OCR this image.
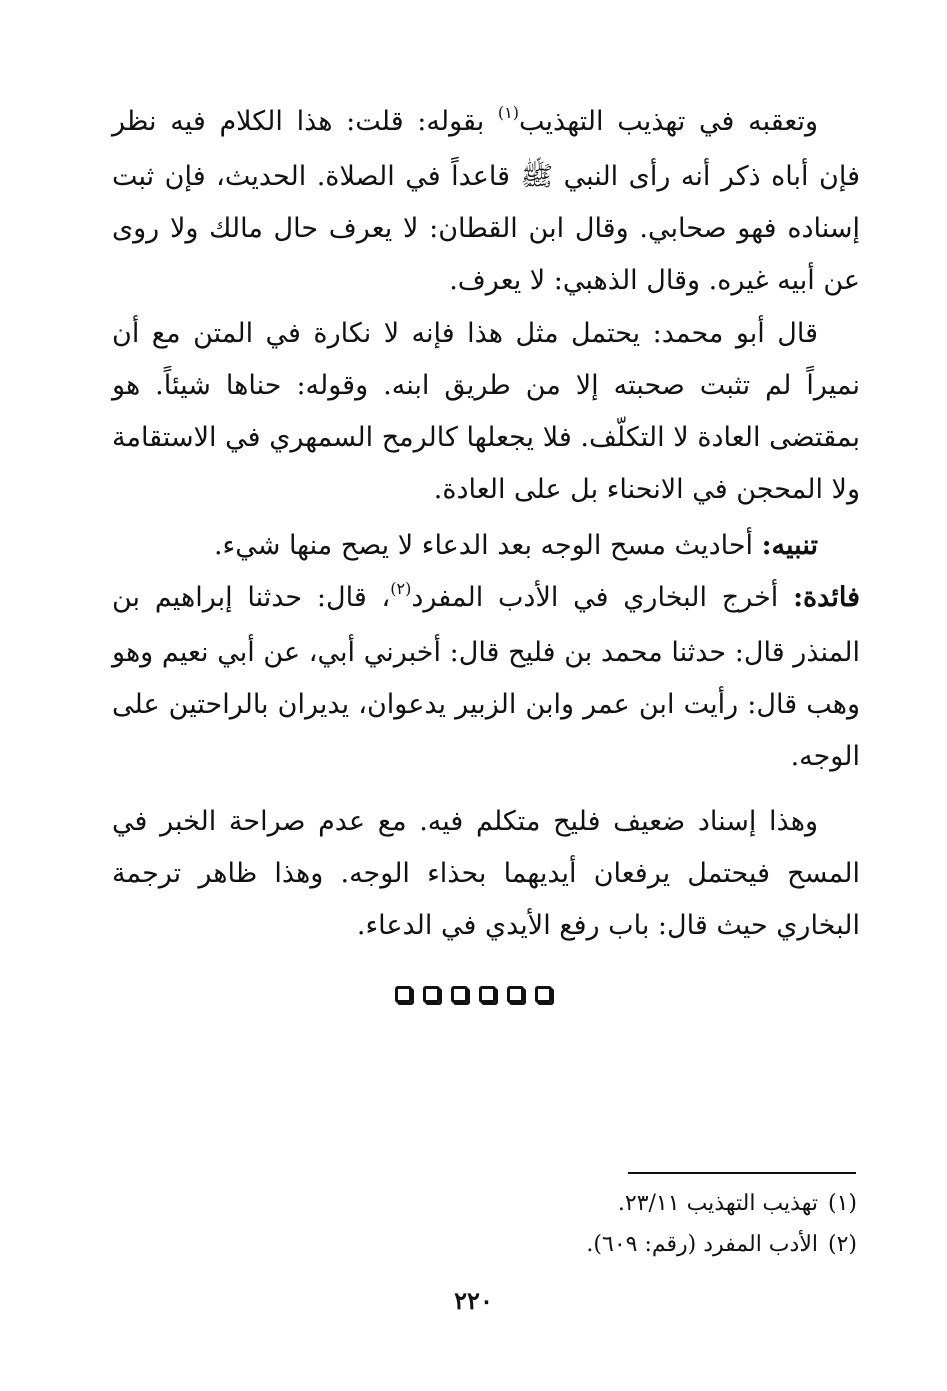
وتعقبه في تهذيب التهذيب$^{(١)}$ بقوله: قلت: هذا الكلام فيه نظر فإن أباه ذكر أنه رأى النبي ﷺ قاعداً في الصلاة. الحديث، فإن ثبت إسناده فهو صحابي. وقال ابن القطان: لا يعرف حال مالك ولا روى عن أبيه غيره. وقال الذهبي: لا يعرف.
قال أبو محمد: يحتمل مثل هذا فإنه لا نكارة في المتن مع أن نميراً لم تثبت صحبته إلا من طريق ابنه. وقوله: حناها شيئاً. هو بمقتضى العادة لا التكلّف. فلا يجعلها كالرمح السمهري في الاستقامة ولا المحجن في الانحناء بل على العادة.
تنبيه: أحاديث مسح الوجه بعد الدعاء لا يصح منها شيء.
فائدة: أخرج البخاري في الأدب المفرد$^{(٢)}$، قال: حدثنا إبراهيم بن المنذر قال: حدثنا محمد بن فليح قال: أخبرني أبي، عن أبي نعيم وهو وهب قال: رأيت ابن عمر وابن الزبير يدعوان، يديران بالراحتين على الوجه.
وهذا إسناد ضعيف فليح متكلم فيه. مع عدم صراحة الخبر في المسح فيحتمل يرفعان أيديهما بحذاء الوجه. وهذا ظاهر ترجمة البخاري حيث قال: باب رفع الأيدي في الدعاء.
(١)تهذيب التهذيب ٢٣/١١.
(٢)الأدب المفرد (رقم: ٦٠٩).
٢٢٠
